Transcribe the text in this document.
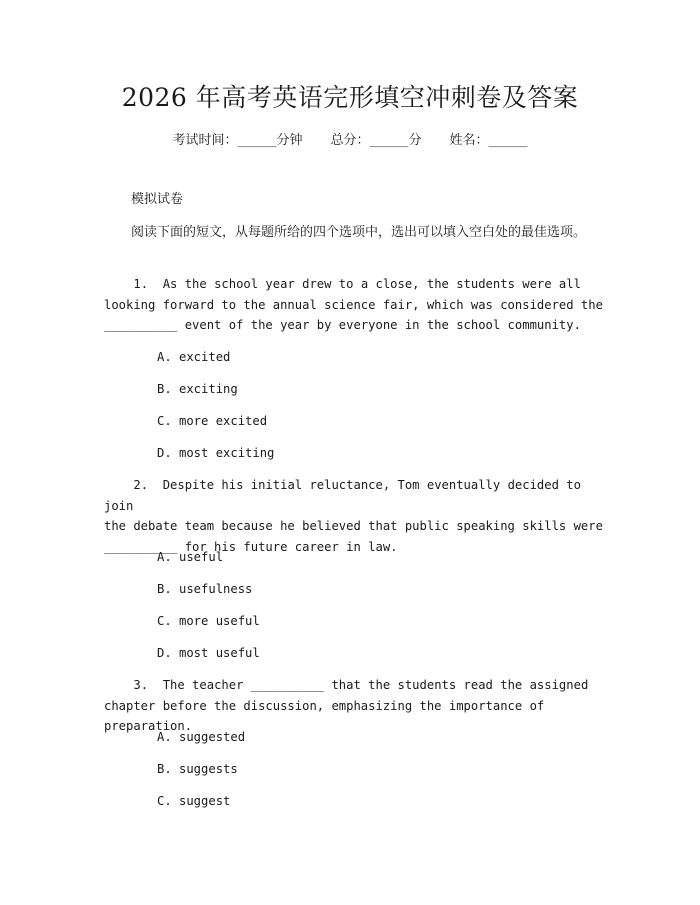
2026 年高考英语完形填空冲刺卷及答案
考试时间：______分钟 总分：______分 姓名：______
模拟试卷

阅读下面的短文，从每题所给的四个选项中，选出可以填入空白处的最佳选项。

1.  As the school year drew to a close, the students were all
looking forward to the annual science fair, which was considered the
__________ event of the year by everyone in the school community.

A. excited
B. exciting
C. more excited
D. most exciting

2.  Despite his initial reluctance, Tom eventually decided to join
the debate team because he believed that public speaking skills were
__________ for his future career in law.

A. useful
B. usefulness
C. more useful
D. most useful

3.  The teacher __________ that the students read the assigned
chapter before the discussion, emphasizing the importance of preparation.

A. suggested
B. suggests
C. suggest
